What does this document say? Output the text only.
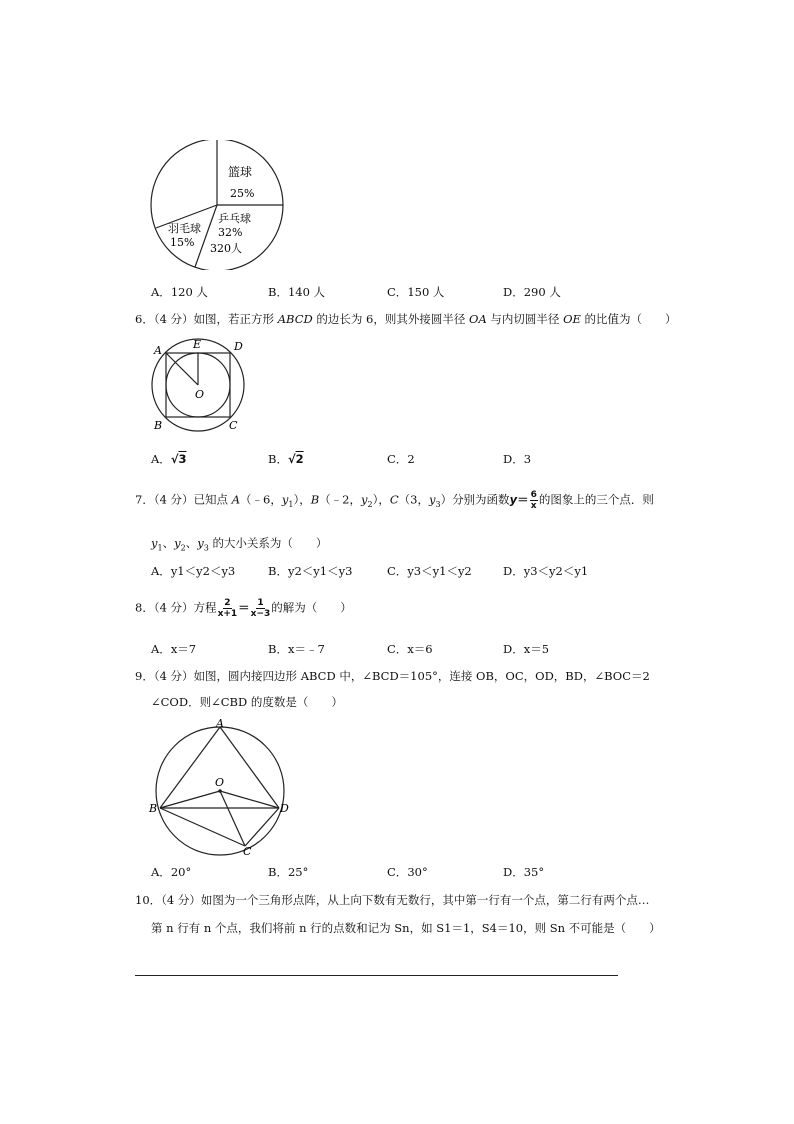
篮球
25%
乒乓球
32%
320人
羽毛球
15%
A．120 人	B．140 人	C．150 人	D．290 人
6．（4 分）如图，若正方形 ABCD 的边长为 6，则其外接圆半径 OA 与内切圆半径 OE 的比值为（　　）
A	E	D
O
B	C
A．√3	B．√2	C．2	D．3
7．（4 分）已知点 A（﹣6，$y_1$），B（﹣2，$y_2$），C（3，$y_3$）分别为函数$y= \frac{6}{x}$ 的图象上的三个点．则
$y_1$、$y_2$、$y_3$ 的大小关系为（　　）
A．y1＜y2＜y3	B．y2＜y1＜y3	C．y3＜y1＜y2	D．y3＜y2＜y1
8．（4 分）方程 $\frac{2}{x+1} = \frac{1}{x-3}$ 的解为（　　）
A．x＝7	B．x＝﹣7	C．x＝6	D．x＝5
9．（4 分）如图，圆内接四边形 ABCD 中，∠BCD＝105°，连接 OB，OC，OD，BD，∠BOC＝2
∠COD．则∠CBD 的度数是（　　）
A
O
B	D
C
A．20°	B．25°	C．30°	D．35°
10．（4 分）如图为一个三角形点阵，从上向下数有无数行，其中第一行有一个点，第二行有两个点…
第 n 行有 n 个点，我们将前 n 行的点数和记为 Sn，如 S1＝1，S4＝10，则 Sn 不可能是（　　）
